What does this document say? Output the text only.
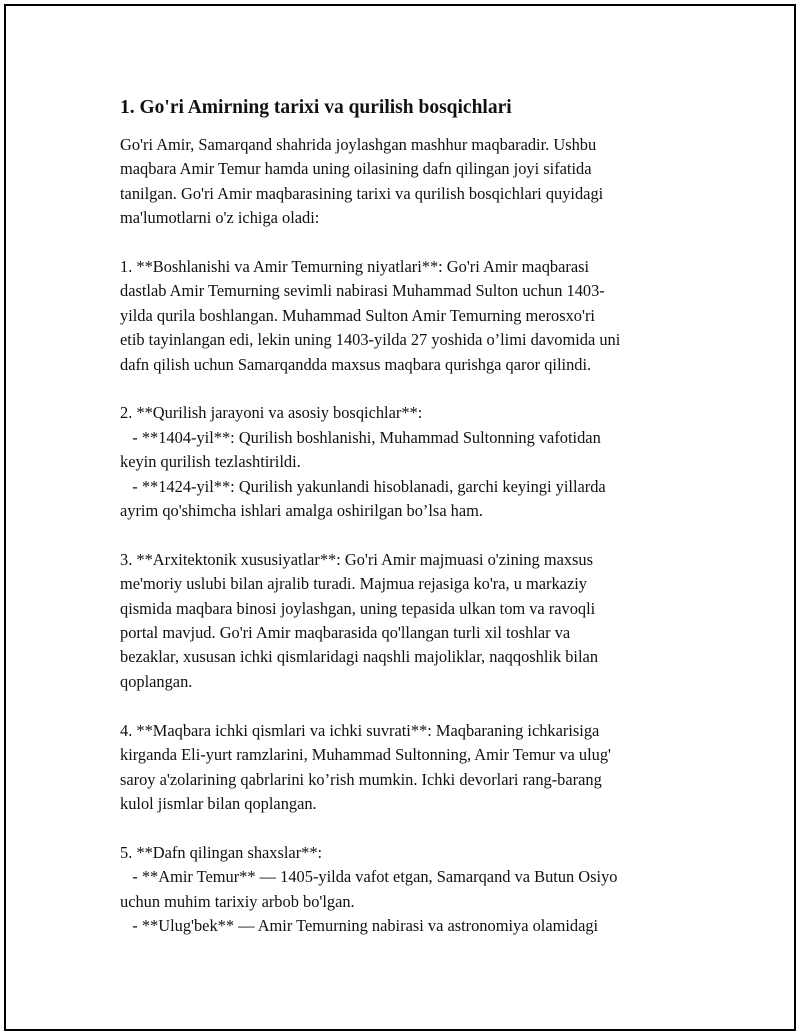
1. Go'ri Amirning tarixi va qurilish bosqichlari
Go'ri Amir, Samarqand shahrida joylashgan mashhur maqbaradir. Ushbu
maqbara Amir Temur hamda uning oilasining dafn qilingan joyi sifatida
tanilgan. Go'ri Amir maqbarasining tarixi va qurilish bosqichlari quyidagi
ma'lumotlarni o'z ichiga oladi:
1. **Boshlanishi va Amir Temurning niyatlari**: Go'ri Amir maqbarasi
dastlab Amir Temurning sevimli nabirasi Muhammad Sulton uchun 1403-
yilda qurila boshlangan. Muhammad Sulton Amir Temurning merosxo'ri
etib tayinlangan edi, lekin uning 1403-yilda 27 yoshida o’limi davomida uni
dafn qilish uchun Samarqandda maxsus maqbara qurishga qaror qilindi.
2. **Qurilish jarayoni va asosiy bosqichlar**:
- **1404-yil**: Qurilish boshlanishi, Muhammad Sultonning vafotidan
keyin qurilish tezlashtirildi.
- **1424-yil**: Qurilish yakunlandi hisoblanadi, garchi keyingi yillarda
ayrim qo'shimcha ishlari amalga oshirilgan bo’lsa ham.
3. **Arxitektonik xususiyatlar**: Go'ri Amir majmuasi o'zining maxsus
me'moriy uslubi bilan ajralib turadi. Majmua rejasiga ko'ra, u markaziy
qismida maqbara binosi joylashgan, uning tepasida ulkan tom va ravoqli
portal mavjud. Go'ri Amir maqbarasida qo'llangan turli xil toshlar va
bezaklar, xususan ichki qismlaridagi naqshli majoliklar, naqqoshlik bilan
qoplangan.
4. **Maqbara ichki qismlari va ichki suvrati**: Maqbaraning ichkarisiga
kirganda Eli-yurt ramzlarini, Muhammad Sultonning, Amir Temur va ulug'
saroy a'zolarining qabrlarini ko’rish mumkin. Ichki devorlari rang-barang
kulol jismlar bilan qoplangan.
5. **Dafn qilingan shaxslar**:
- **Amir Temur** — 1405-yilda vafot etgan, Samarqand va Butun Osiyo
uchun muhim tarixiy arbob bo'lgan.
- **Ulug'bek** — Amir Temurning nabirasi va astronomiya olamidagi
